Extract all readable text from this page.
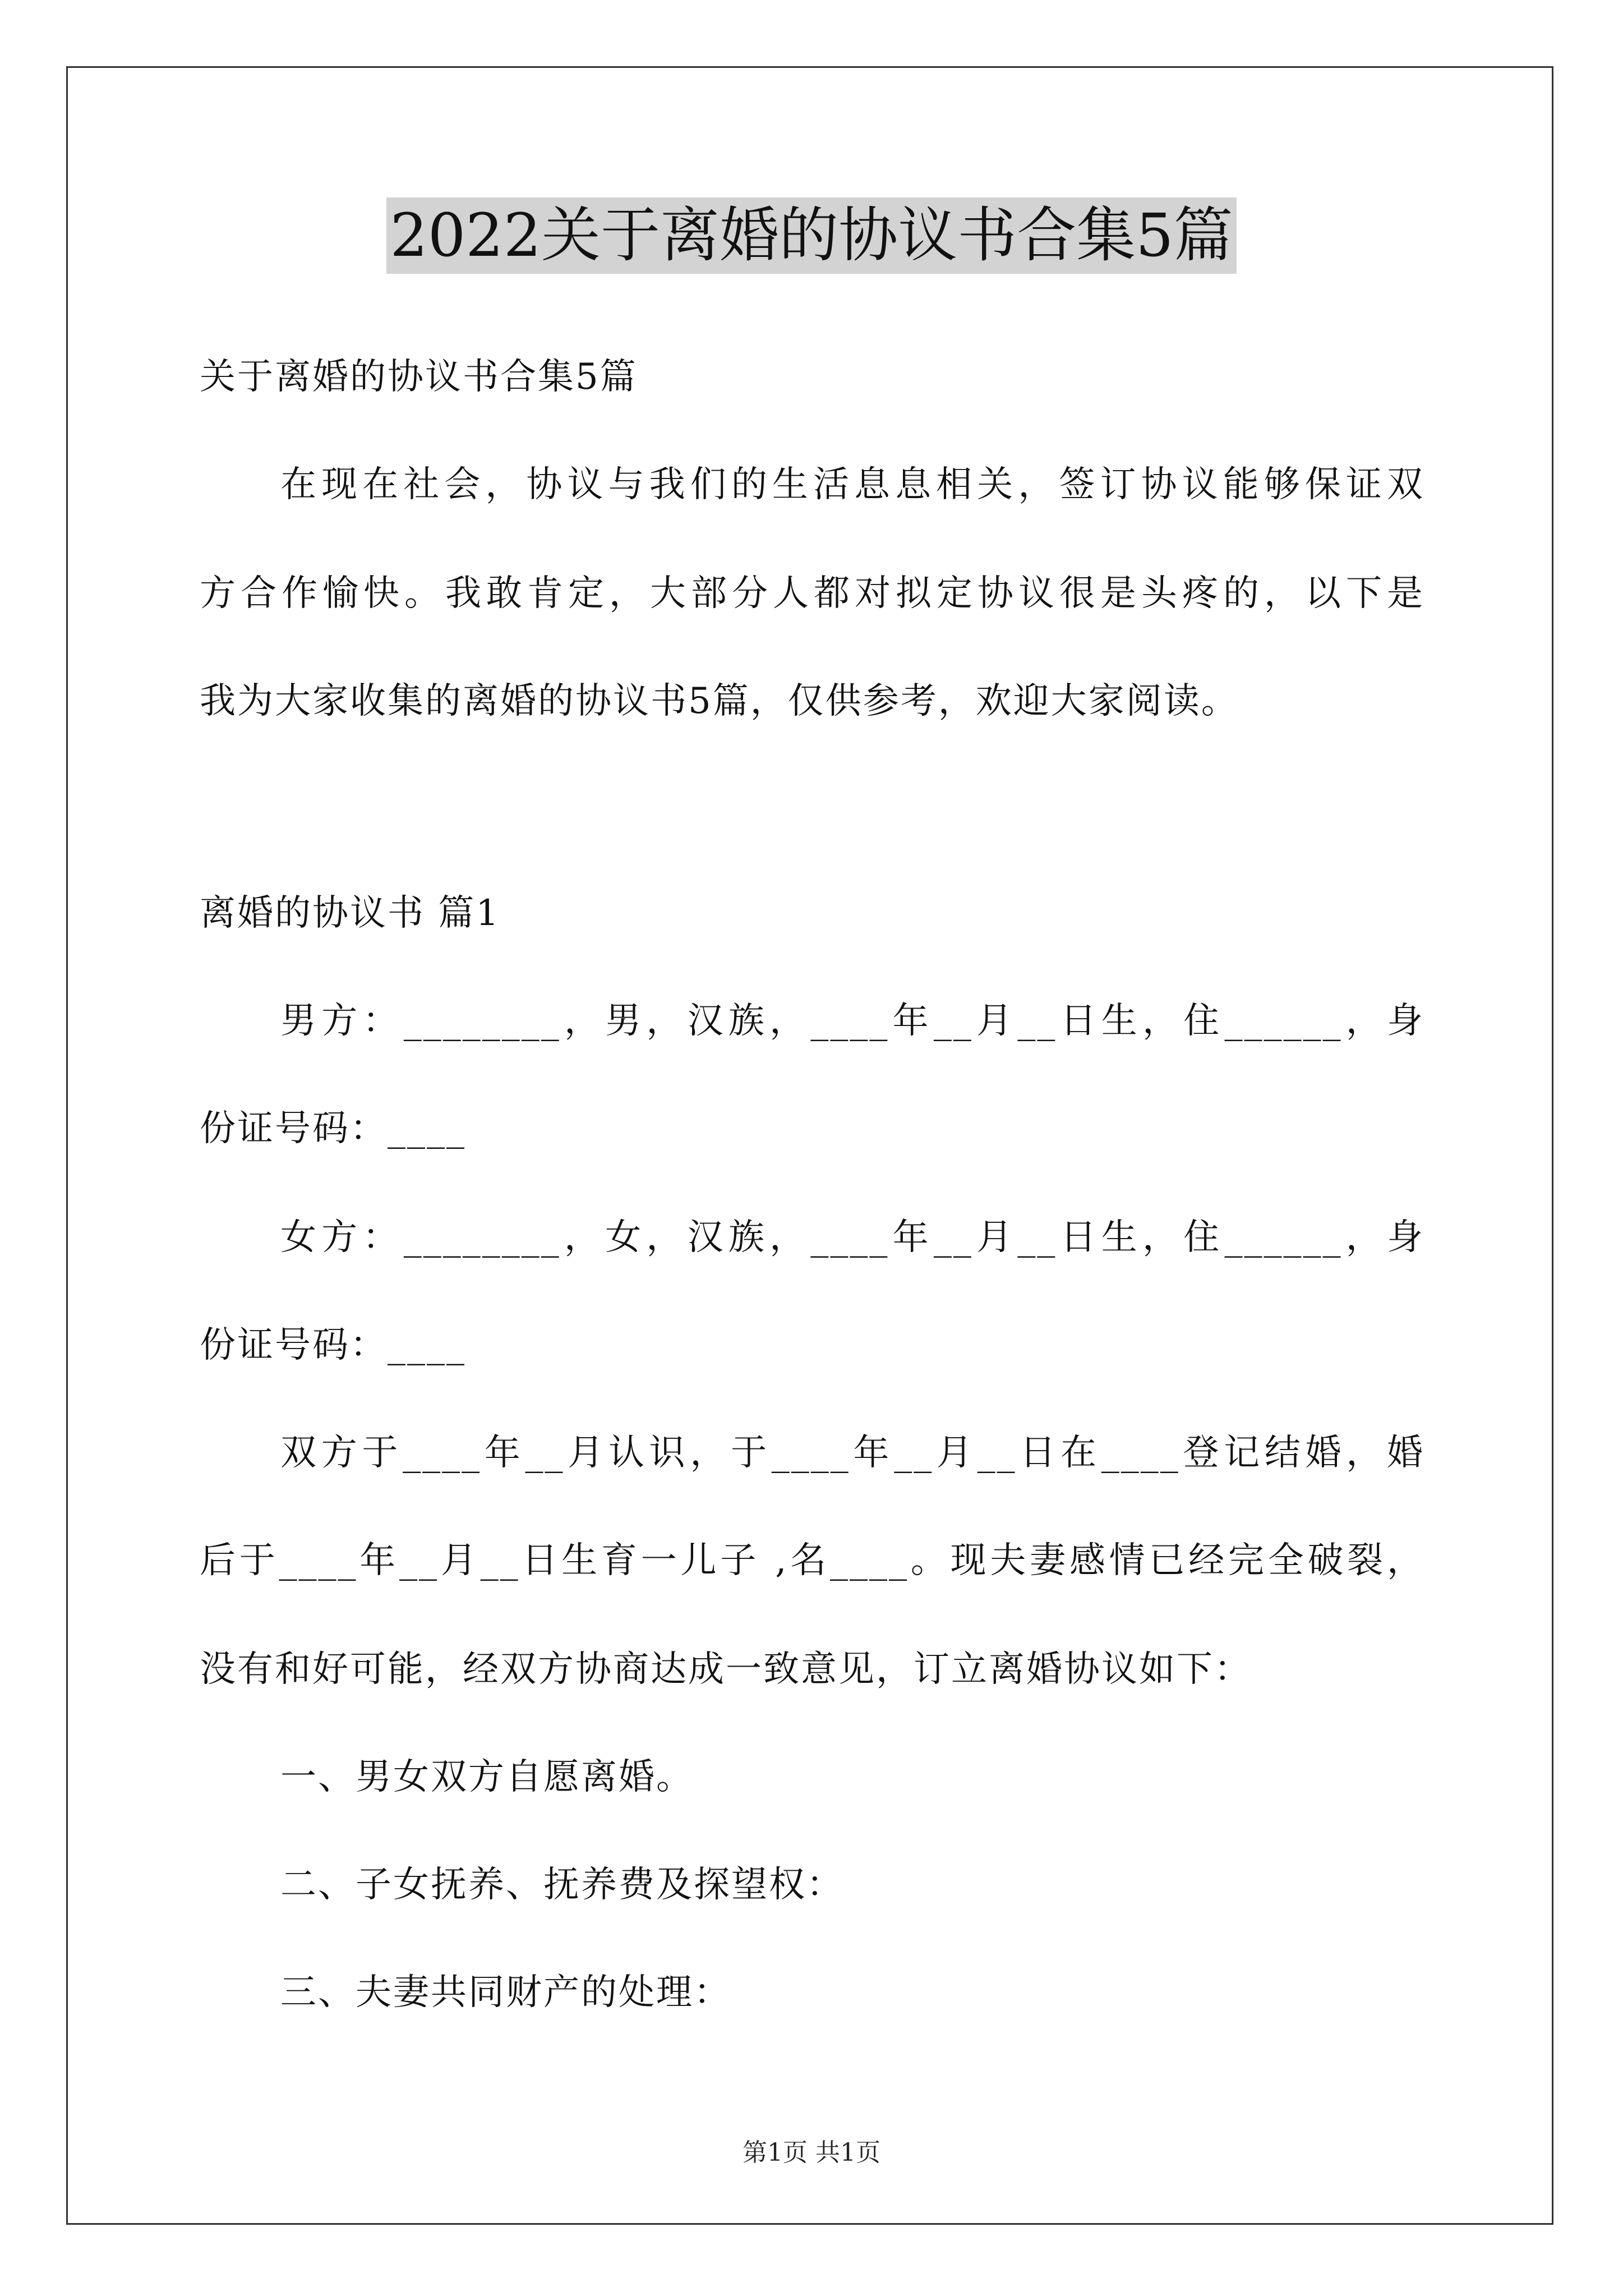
2022关于离婚的协议书合集5篇
关于离婚的协议书合集5篇
在现在社会，协议与我们的生活息息相关，签订协议能够保证双
方合作愉快。我敢肯定，大部分人都对拟定协议很是头疼的，以下是
我为大家收集的离婚的协议书5篇，仅供参考，欢迎大家阅读。
离婚的协议书 篇1
男方：________，男，汉族，____年__月__日生，住______，身
份证号码：____
女方：________，女，汉族，____年__月__日生，住______，身
份证号码：____
双方于____年__月认识，于____年__月__日在____登记结婚，婚
后于____年__月__日生育一儿子 ,名____。现夫妻感情已经完全破裂，
没有和好可能，经双方协商达成一致意见，订立离婚协议如下：
一、男女双方自愿离婚。
二、子女抚养、抚养费及探望权：
三、夫妻共同财产的处理：
第1页 共1页
